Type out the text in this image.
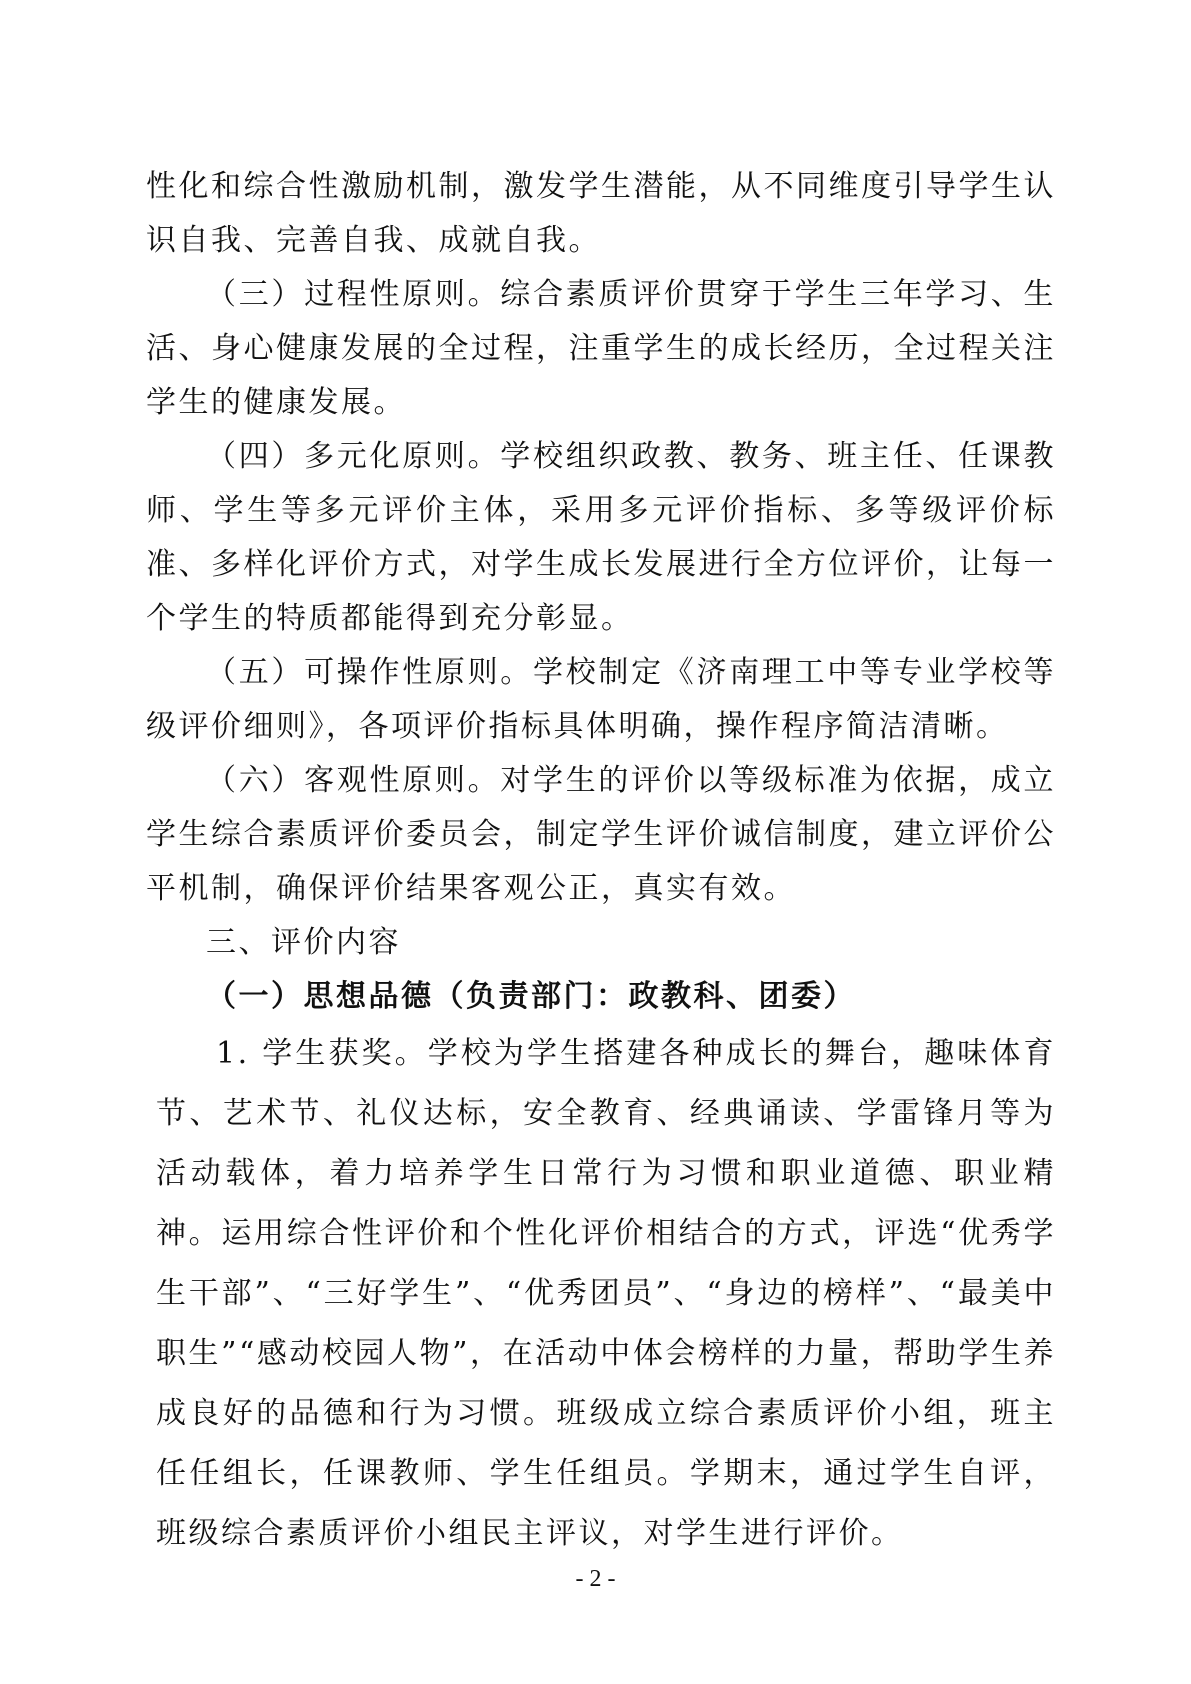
性化和综合性激励机制，激发学生潜能，从不同维度引导学生认识自我、完善自我、成就自我。

（三）过程性原则。综合素质评价贯穿于学生三年学习、生活、身心健康发展的全过程，注重学生的成长经历，全过程关注学生的健康发展。

（四）多元化原则。学校组织政教、教务、班主任、任课教师、学生等多元评价主体，采用多元评价指标、多等级评价标准、多样化评价方式，对学生成长发展进行全方位评价，让每一个学生的特质都能得到充分彰显。

（五）可操作性原则。学校制定《济南理工中等专业学校等级评价细则》，各项评价指标具体明确，操作程序简洁清晰。

（六）客观性原则。对学生的评价以等级标准为依据，成立学生综合素质评价委员会，制定学生评价诚信制度，建立评价公平机制，确保评价结果客观公正，真实有效。

三、评价内容

（一）思想品德（负责部门：政教科、团委）

1. 学生获奖。学校为学生搭建各种成长的舞台，趣味体育节、艺术节、礼仪达标，安全教育、经典诵读、学雷锋月等为活动载体，着力培养学生日常行为习惯和职业道德、职业精神。运用综合性评价和个性化评价相结合的方式，评选“优秀学生干部”、“三好学生”、“优秀团员”、“身边的榜样”、“最美中职生”“感动校园人物”，在活动中体会榜样的力量，帮助学生养成良好的品德和行为习惯。班级成立综合素质评价小组，班主任任组长，任课教师、学生任组员。学期末，通过学生自评，班级综合素质评价小组民主评议，对学生进行评价。

- 2 -
